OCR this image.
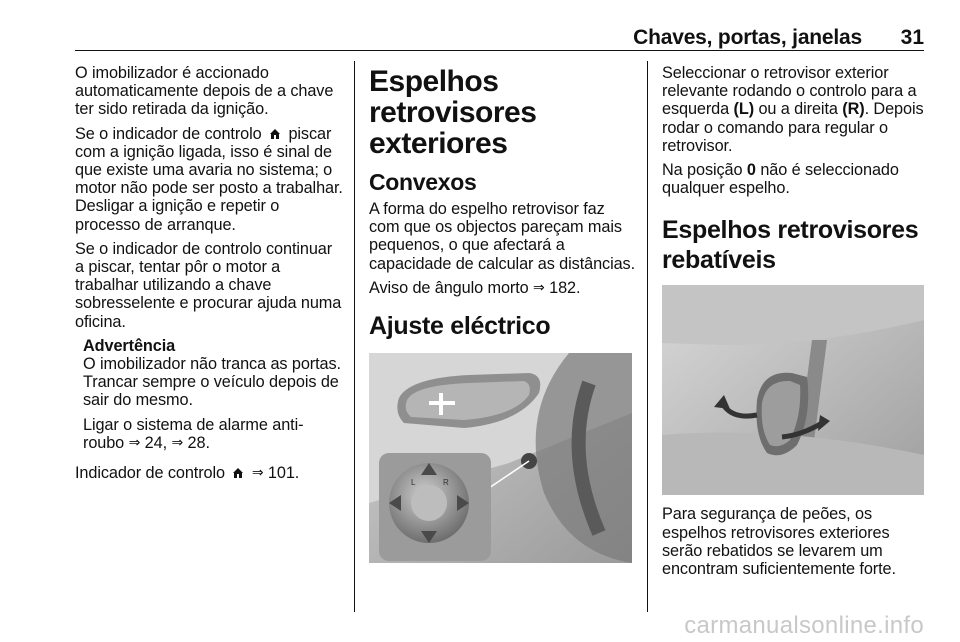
Chaves, portas, janelas 31

O imobilizador é accionado automaticamente depois de a chave ter sido retirada da ignição.

Se o indicador de controlo piscar com a ignição ligada, isso é sinal de que existe uma avaria no sistema; o motor não pode ser posto a trabalhar. Desligar a ignição e repetir o processo de arranque.

Se o indicador de controlo continuar a piscar, tentar pôr o motor a trabalhar utilizando a chave sobresselente e procurar ajuda numa oficina.

Advertência

O imobilizador não tranca as portas. Trancar sempre o veículo depois de sair do mesmo.

Ligar o sistema de alarme anti-roubo ⇒ 24, ⇒ 28.

Indicador de controlo ⇒ 101.

Espelhos retrovisores exteriores
Convexos

A forma do espelho retrovisor faz com que os objectos pareçam mais pequenos, o que afectará a capacidade de calcular as distâncias.

Aviso de ângulo morto ⇒ 182.

Ajuste eléctrico
L	R

Seleccionar o retrovisor exterior relevante rodando o controlo para a esquerda (L) ou a direita (R). Depois rodar o comando para regular o retrovisor.

Na posição 0 não é seleccionado qualquer espelho.

Espelhos retrovisores rebatíveis

Para segurança de peões, os espelhos retrovisores exteriores serão rebatidos se levarem um encontram suficientemente forte.

carmanualsonline.info
